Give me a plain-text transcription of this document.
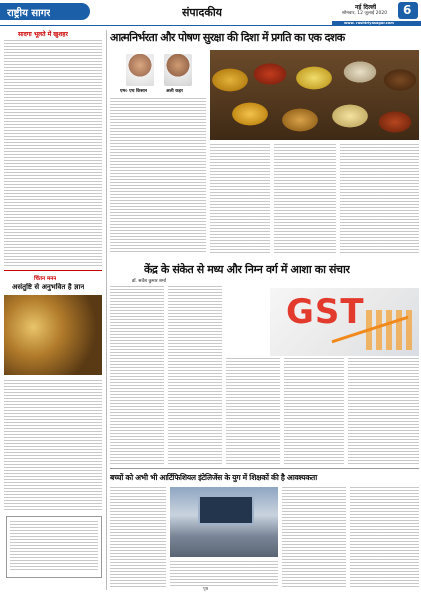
राष्ट्रीय सागर	संपादकीय	नई दिल्ली
सोमवार, 12 जुलाई 2020 6
www. rashtriyasagar.com
सादगा भूलते में खुशहर
चिंतन मनन
असंतुष्टि से अनुभवित है ज्ञान
आत्मनिर्भरता और पोषण सुरक्षा की दिशा में प्रगति का एक दशक
एम० एच किसान	अली कहर
केंद्र के संकेत से मध्य और निम्न वर्ग में आशा का संचार
डॉ. सर्वेश कुमार शर्मा
GST
बच्चों को अभी भी आर्टिफिशियल इंटेलिजेंस के युग में शिक्षकों की है आवश्यकता
पृष्ठ
